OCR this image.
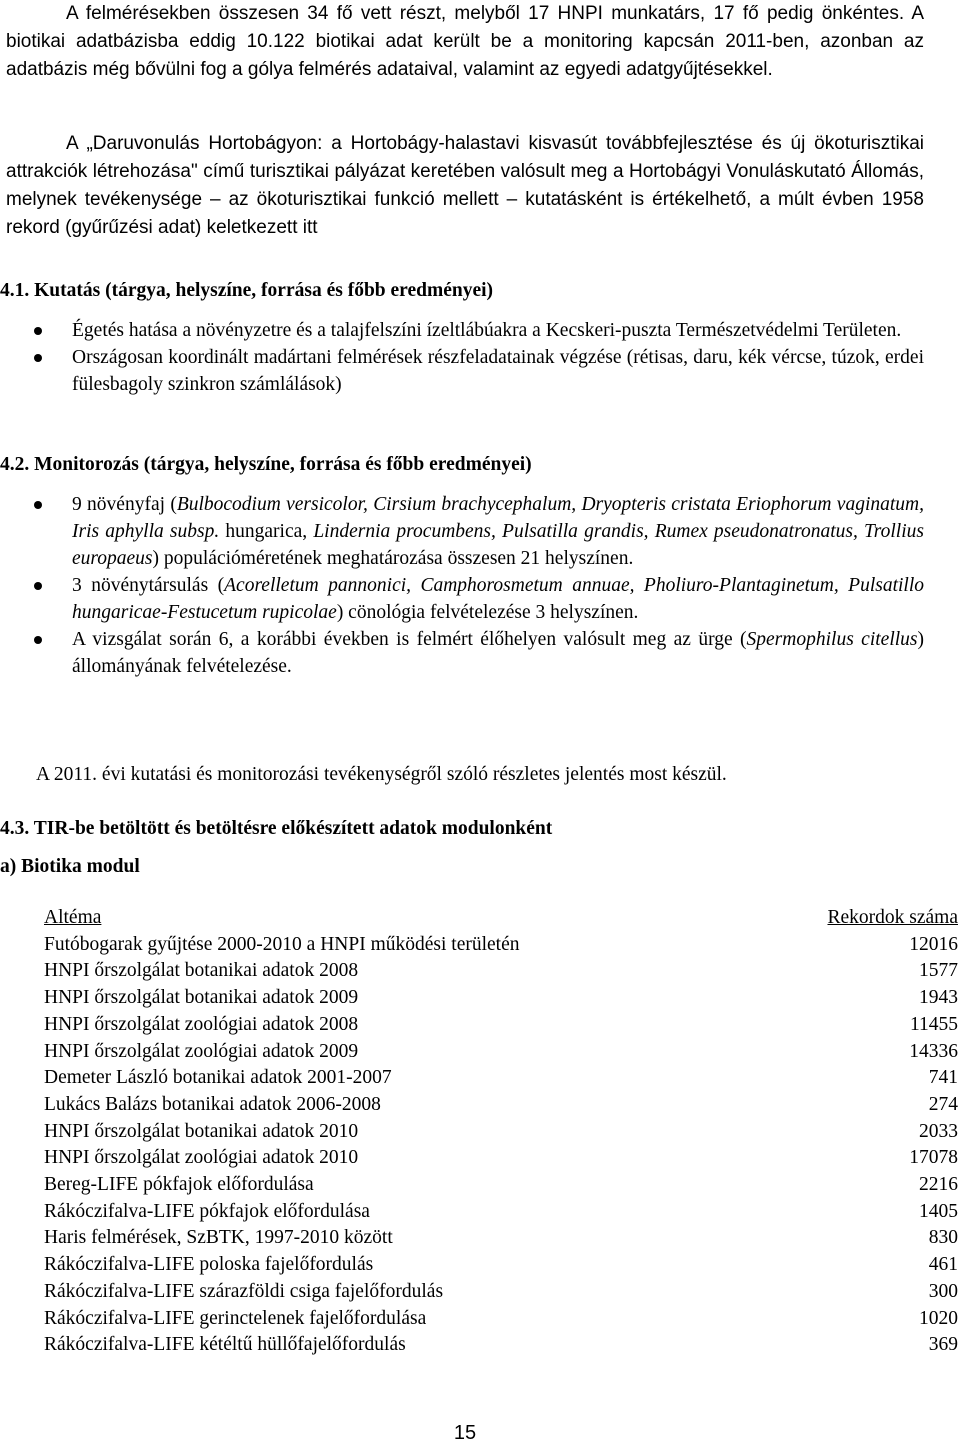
A felmérésekben összesen 34 fő vett részt, melyből 17 HNPI munkatárs, 17 fő pedig önkéntes. A biotikai adatbázisba eddig 10.122 biotikai adat került be a monitoring kapcsán 2011-ben, azonban az adatbázis még bővülni fog a gólya felmérés adataival, valamint az egyedi adatgyűjtésekkel.

A „Daruvonulás Hortobágyon: a Hortobágy-halastavi kisvasút továbbfejlesztése és új ökoturisztikai attrakciók létrehozása" című turisztikai pályázat keretében valósult meg a Hortobágyi Vonuláskutató Állomás, melynek tevékenysége – az ökoturisztikai funkció mellett – kutatásként is értékelhető, a múlt évben 1958 rekord (gyűrűzési adat) keletkezett itt

4.1. Kutatás (tárgya, helyszíne, forrása és főbb eredményei)
Égetés hatása a növényzetre és a talajfelszíni ízeltlábúakra a Kecskeri-puszta Természetvédelmi Területen.
Országosan koordinált madártani felmérések részfeladatainak végzése (rétisas, daru, kék vércse, túzok, erdei fülesbagoly szinkron számlálások)
4.2. Monitorozás (tárgya, helyszíne, forrása és főbb eredményei)
9 növényfaj (Bulbocodium versicolor, Cirsium brachycephalum, Dryopteris cristata Eriophorum vaginatum, Iris aphylla subsp. hungarica, Lindernia procumbens, Pulsatilla grandis, Rumex pseudonatronatus, Trollius europaeus) populációméretének meghatározása összesen 21 helyszínen.
3 növénytársulás (Acorelletum pannonici, Camphorosmetum annuae, Pholiuro-Plantaginetum, Pulsatillo hungaricae-Festucetum rupicolae) cönológia felvételezése 3 helyszínen.
A vizsgálat során 6, a korábbi években is felmért élőhelyen valósult meg az ürge (Spermophilus citellus) állományának felvételezése.

A 2011. évi kutatási és monitorozási tevékenységről szóló részletes jelentés most készül.

4.3. TIR-be betöltött és betöltésre előkészített adatok modulonként
a) Biotika modul
Altéma	Rekordok száma
Futóbogarak gyűjtése 2000-2010 a HNPI működési területén	12016
HNPI őrszolgálat botanikai adatok 2008	1577
HNPI őrszolgálat botanikai adatok 2009	1943
HNPI őrszolgálat zoológiai adatok 2008	11455
HNPI őrszolgálat zoológiai adatok 2009	14336
Demeter László botanikai adatok 2001-2007	741
Lukács Balázs botanikai adatok 2006-2008	274
HNPI őrszolgálat botanikai adatok 2010	2033
HNPI őrszolgálat zoológiai adatok 2010	17078
Bereg-LIFE pókfajok előfordulása	2216
Rákóczifalva-LIFE pókfajok előfordulása	1405
Haris felmérések, SzBTK, 1997-2010 között	830
Rákóczifalva-LIFE poloska fajelőfordulás	461
Rákóczifalva-LIFE szárazföldi csiga fajelőfordulás	300
Rákóczifalva-LIFE gerinctelenek fajelőfordulása	1020
Rákóczifalva-LIFE kétéltű hüllőfajelőfordulás	369
15
